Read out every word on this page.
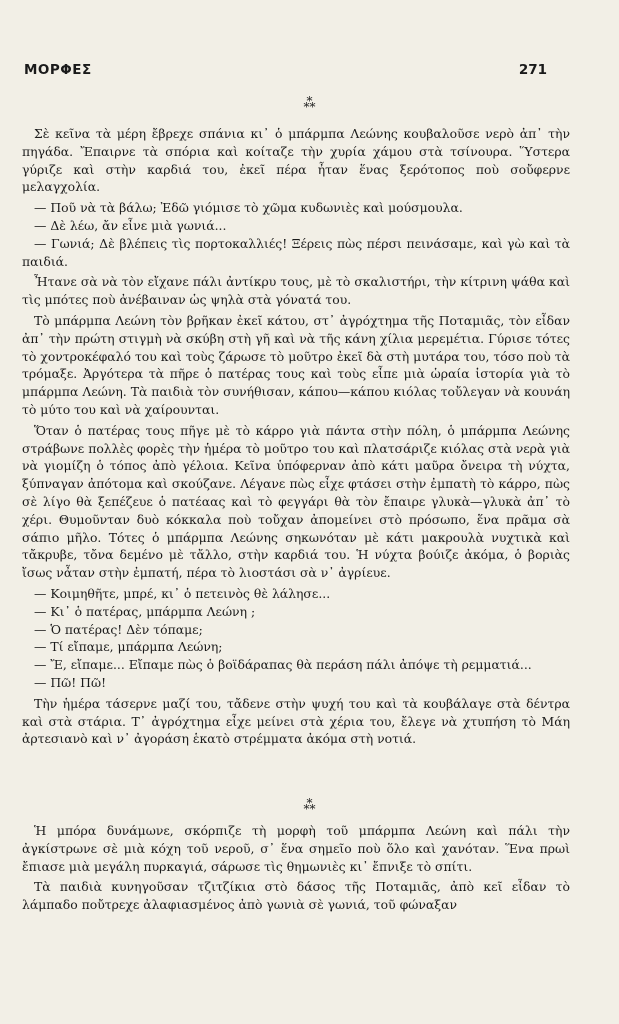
ΜΟΡΦΕΣ	271
*
**

Σὲ κεῖνα τὰ μέρη ἔβρεχε σπάνια κι᾽ ὁ μπάρμπα Λεώνης κουβαλοῦσε νερὸ ἀπ᾽ τὴν πηγάδα. Ἔπαιρνε τὰ σπόρια καὶ κοίταζε τὴν χυρία χάμου στὰ τσίνουρα. Ὕστερα γύριζε καὶ στὴν καρδιά του, ἐκεῖ πέρα ἦταν ἕνας ξερότοπος ποὺ σοὔφερνε μελαγχολία.

— Ποῦ νὰ τὰ βάλω; Ἐδῶ γιόμισε τὸ χῶμα κυδωνιὲς καὶ μούσμουλα.

— Δὲ λέω, ἄν εἶνε μιὰ γωνιά...

— Γωνιά; Δὲ βλέπεις τὶς πορτοκαλλιές! Ξέρεις πὼς πέρσι πεινάσαμε, καὶ γὼ καὶ τὰ παιδιά.

Ἦτανε σὰ νὰ τὸν εἴχανε πάλι ἀντίκρυ τους, μὲ τὸ σκαλιστήρι, τὴν κίτρινη ψάθα καὶ τὶς μπότες ποὺ ἀνέβαιναν ὡς ψηλὰ στὰ γόνατά του.

Τὸ μπάρμπα Λεώνη τὸν βρῆκαν ἐκεῖ κάτου, στ᾽ ἀγρόχτημα τῆς Ποταμιᾶς, τὸν εἶδαν ἀπ᾽ τὴν πρώτη στιγμὴ νὰ σκύβη στὴ γῆ καὶ νὰ τῆς κάνη χίλια μερεμέτια. Γύρισε τότες τὸ χοντροκέφαλό του καὶ τοὺς ζάρωσε τὸ μοῦτρο ἐκεῖ δὰ στὴ μυτάρα του, τόσο ποὺ τὰ τρόμαξε. Ἀργότερα τὰ πῆρε ὁ πατέρας τους καὶ τοὺς εἶπε μιὰ ὡραία ἱστορία γιὰ τὸ μπάρμπα Λεώνη. Τὰ παιδιὰ τὸν συνήθισαν, κάπου—κάπου κιόλας τοὔλεγαν νὰ κουνάη τὸ μύτο του καὶ νὰ χαίρουνται.

Ὅταν ὁ πατέρας τους πῆγε μὲ τὸ κάρρο γιὰ πάντα στὴν πόλη, ὁ μπάρμπα Λεώνης στράβωνε πολλὲς φορὲς τὴν ἡμέρα τὸ μοῦτρο του καὶ πλατσάριζε κιόλας στὰ νερὰ γιὰ νὰ γιομίζη ὁ τόπος ἀπὸ γέλοια. Κεῖνα ὑπόφερναν ἀπὸ κάτι μαῦρα ὄνειρα τὴ νύχτα, ξύπναγαν ἀπότομα καὶ σκούζανε. Λέγανε πὼς εἶχε φτάσει στὴν ἐμπατὴ τὸ κάρρο, πὼς σὲ λίγο θὰ ξεπέζευε ὁ πατέαας καὶ τὸ φεγγάρι θὰ τὸν ἔπαιρε γλυκὰ—γλυκὰ ἀπ᾽ τὸ χέρι. Θυμοῦνταν δυὸ κόκκαλα ποὺ τοὔχαν ἀπομείνει στὸ πρόσωπο, ἕνα πρᾶμα σὰ σάπιο μῆλο. Τότες ὁ μπάρμπα Λεώνης σηκωνόταν μὲ κάτι μακρουλὰ νυχτικὰ καὶ τἄκρυβε, τὄνα δεμένο μὲ τἄλλο, στὴν καρδιά του. Ἡ νύχτα βούιζε ἀκόμα, ὁ βοριὰς ἴσως νἆταν στὴν ἐμπατή, πέρα τὸ λιοστάσι σὰ ν᾽ ἀγρίευε.

— Κοιμηθῆτε, μπρέ, κι᾽ ὁ πετεινὸς θὲ λάλησε...

— Κι᾽ ὁ πατέρας, μπάρμπα Λεώνη ;

— Ὁ πατέρας! Δὲν τόπαμε;

— Τί εἴπαμε, μπάρμπα Λεώνη;

— Ἔ, εἴπαμε... Εἴπαμε πὼς ὁ βοϊδάραπας θὰ περάση πάλι ἀπόψε τὴ ρεμματιά...

— Πῶ! Πῶ!

Τὴν ἡμέρα τάσερνε μαζί του, τἄδενε στὴν ψυχή του καὶ τὰ κουβάλαγε στὰ δέντρα καὶ στὰ στάρια. Τ᾽ ἀγρόχτημα εἶχε μείνει στὰ χέρια του, ἔλεγε νὰ χτυπήση τὸ Μάη ἀρτεσιανὸ καὶ ν᾽ ἀγοράση ἑκατὸ στρέμματα ἀκόμα στὴ νοτιά.

*
**

Ἡ μπόρα δυνάμωνε, σκόρπιζε τὴ μορφὴ τοῦ μπάρμπα Λεώνη καὶ πάλι τὴν ἀγκίστρωνε σὲ μιὰ κόχη τοῦ νεροῦ, σ᾽ ἕνα σημεῖο ποὺ ὅλο καὶ χανόταν. Ἕνα πρωὶ ἔπιασε μιὰ μεγάλη πυρκαγιά, σάρωσε τὶς θημωνιὲς κι᾽ ἔπνιξε τὸ σπίτι.

Τὰ παιδιὰ κυνηγοῦσαν τζιτζίκια στὸ δάσος τῆς Ποταμιᾶς, ἀπὸ κεῖ εἶδαν τὸ λάμπαδο ποὔτρεχε ἀλαφιασμένος ἀπὸ γωνιὰ σὲ γωνιά, τοῦ φώναξαν
